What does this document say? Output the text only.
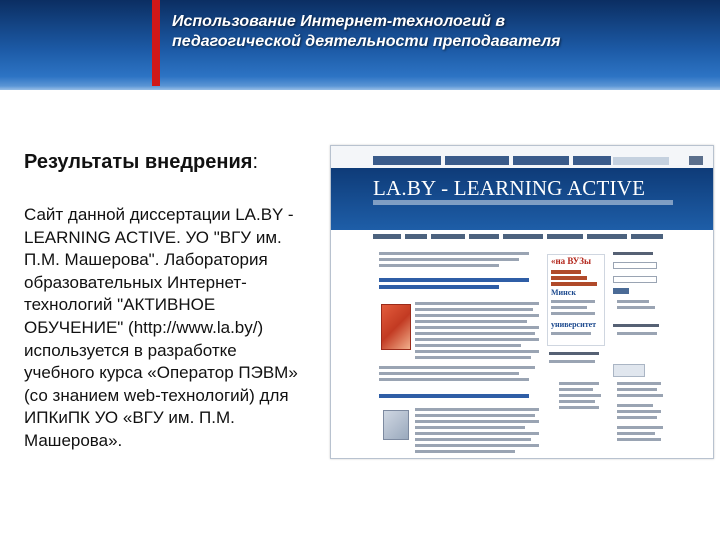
Использование Интернет-технологий в
педагогической деятельности преподавателя
Результаты внедрения:
Сайт данной диссертации LA.BY -
LEARNING ACTIVE. УО "ВГУ им.
П.М. Машерова". Лаборатория
образовательных Интернет-
технологий "АКТИВНОЕ
ОБУЧЕНИЕ" (http://www.la.by/)
используется в разработке
учебного курса «Оператор ПЭВМ»
(со знанием web-технологий) для
ИПКиПК УО «ВГУ им. П.М.
Машерова».
LA.BY - LEARNING ACTIVE
«на ВУЗы
Минск
университет
